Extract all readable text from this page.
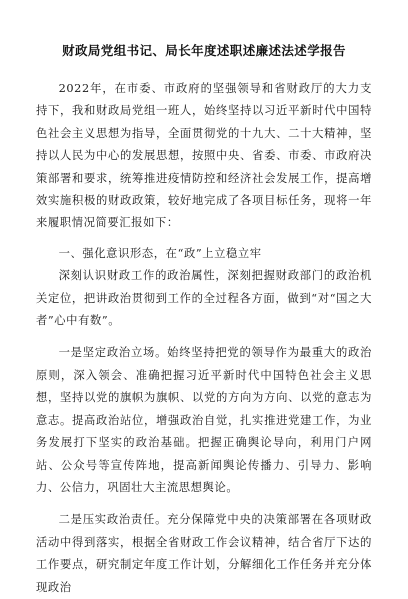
财政局党组书记、局长年度述职述廉述法述学报告

2022年，在市委、市政府的坚强领导和省财政厅的大力支持下，我和财政局党组一班人，始终坚持以习近平新时代中国特色社会主义思想为指导，全面贯彻党的十九大、二十大精神，坚持以人民为中心的发展思想，按照中央、省委、市委、市政府决策部署和要求，统筹推进疫情防控和经济社会发展工作，提高增效实施积极的财政政策，较好地完成了各项目标任务，现将一年来履职情况简要汇报如下：

一、强化意识形态，在“政”上立稳立牢

深刻认识财政工作的政治属性，深刻把握财政部门的政治机关定位，把讲政治贯彻到工作的全过程各方面，做到“对“国之大者”心中有数”。

一是坚定政治立场。始终坚持把党的领导作为最重大的政治原则，深入领会、准确把握习近平新时代中国特色社会主义思想，坚持以党的旗帜为旗帜、以党的方向为方向、以党的意志为意志。提高政治站位，增强政治自觉，扎实推进党建工作，为业务发展打下坚实的政治基础。把握正确舆论导向，利用门户网站、公众号等宣传阵地，提高新闻舆论传播力、引导力、影响力、公信力，巩固壮大主流思想舆论。

二是压实政治责任。充分保障党中央的决策部署在各项财政活动中得到落实，根据全省财政工作会议精神，结合省厅下达的工作要点，研究制定年度工作计划，分解细化工作任务并充分体现政治
